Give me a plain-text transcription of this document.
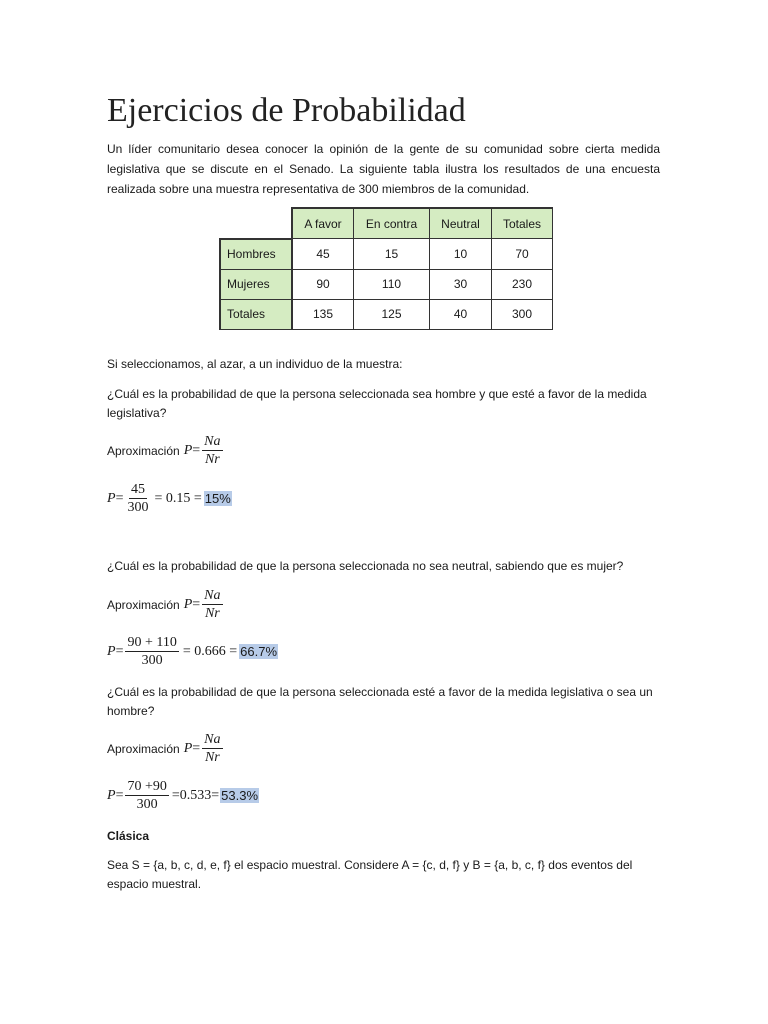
Ejercicios de Probabilidad
Un líder comunitario desea conocer la opinión de la gente de su comunidad sobre cierta medida legislativa que se discute en el Senado. La siguiente tabla ilustra los resultados de una encuesta realizada sobre una muestra representativa de 300 miembros de la comunidad.
	A favor	En contra	Neutral	Totales
Hombres	45	15	10	70
Mujeres	90	110	30	230
Totales	135	125	40	300
Si seleccionamos, al azar, a un individuo de la muestra:
¿Cuál es la probabilidad de que la persona seleccionada sea hombre y que esté a favor de la medida legislativa?
Aproximación $P = \frac{Na}{Nr}$
$P = \frac{45}{300} = 0.15 = 15\%$
¿Cuál es la probabilidad de que la persona seleccionada no sea neutral, sabiendo que es mujer?
Aproximación $P = \frac{Na}{Nr}$
$P = \frac{90 + 110}{300} = 0.666 = 66.7\%$
¿Cuál es la probabilidad de que la persona seleccionada esté a favor de la medida legislativa o sea un hombre?
Aproximación $P = \frac{Na}{Nr}$
$P = \frac{70 +90}{300} =0.533= 53.3\%$
Clásica
Sea S = {a, b, c, d, e, f} el espacio muestral. Considere A = {c, d, f} y B = {a, b, c, f} dos eventos del espacio muestral.
